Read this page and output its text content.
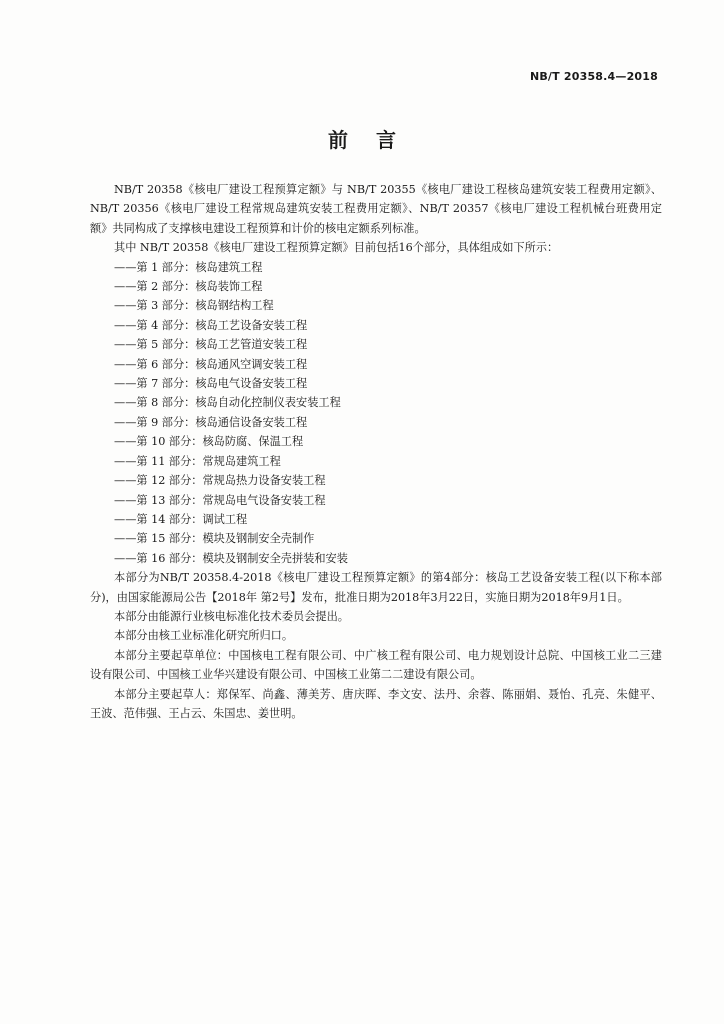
NB/T 20358.4—2018
前言

NB/T 20358《核电厂建设工程预算定额》与 NB/T 20355《核电厂建设工程核岛建筑安装工程费用定额》、NB/T 20356《核电厂建设工程常规岛建筑安装工程费用定额》、NB/T 20357《核电厂建设工程机械台班费用定额》共同构成了支撑核电建设工程预算和计价的核电定额系列标准。

其中 NB/T 20358《核电厂建设工程预算定额》目前包括16个部分，具体组成如下所示：

——第 1 部分：核岛建筑工程
——第 2 部分：核岛装饰工程
——第 3 部分：核岛钢结构工程
——第 4 部分：核岛工艺设备安装工程
——第 5 部分：核岛工艺管道安装工程
——第 6 部分：核岛通风空调安装工程
——第 7 部分：核岛电气设备安装工程
——第 8 部分：核岛自动化控制仪表安装工程
——第 9 部分：核岛通信设备安装工程
——第 10 部分：核岛防腐、保温工程
——第 11 部分：常规岛建筑工程
——第 12 部分：常规岛热力设备安装工程
——第 13 部分：常规岛电气设备安装工程
——第 14 部分：调试工程
——第 15 部分：模块及钢制安全壳制作
——第 16 部分：模块及钢制安全壳拼装和安装

本部分为NB/T 20358.4-2018《核电厂建设工程预算定额》的第4部分：核岛工艺设备安装工程(以下称本部分)，由国家能源局公告【2018年 第2号】发布，批准日期为2018年3月22日，实施日期为2018年9月1日。

本部分由能源行业核电标准化技术委员会提出。

本部分由核工业标准化研究所归口。

本部分主要起草单位：中国核电工程有限公司、中广核工程有限公司、电力规划设计总院、中国核工业二三建设有限公司、中国核工业华兴建设有限公司、中国核工业第二二建设有限公司。

本部分主要起草人：郑保军、尚鑫、薄美芳、唐庆晖、李文安、法丹、余蓉、陈丽娟、聂怡、孔亮、朱健平、王波、范伟强、王占云、朱国忠、姜世明。
